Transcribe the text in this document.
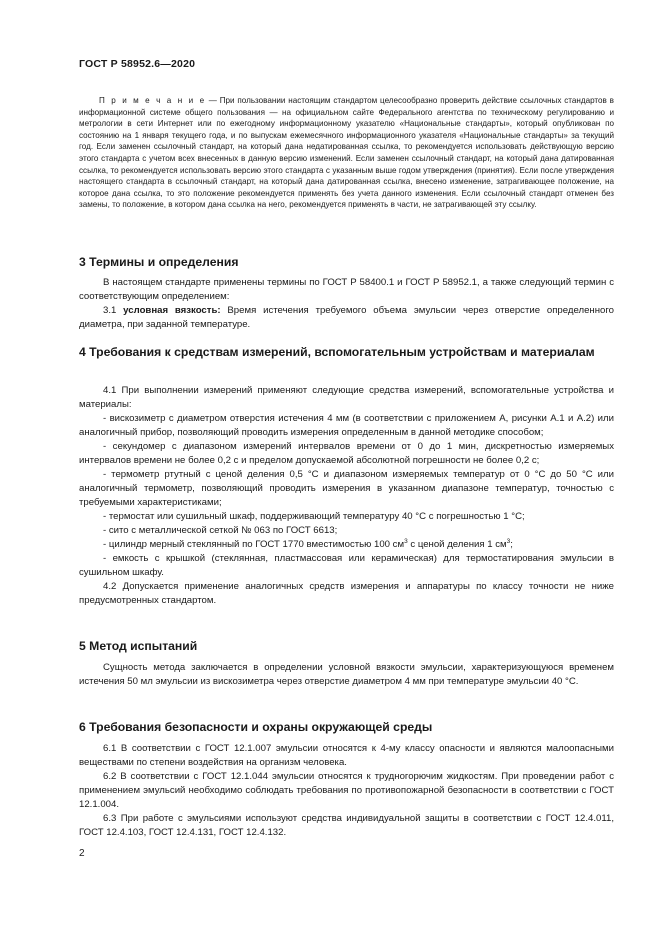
ГОСТ Р 58952.6—2020
П р и м е ч а н и е — При пользовании настоящим стандартом целесообразно проверить действие ссылочных стандартов в информационной системе общего пользования — на официальном сайте Федерального агентства по техническому регулированию и метрологии в сети Интернет или по ежегодному информационному указателю «Национальные стандарты», который опубликован по состоянию на 1 января текущего года, и по выпускам ежемесячного информационного указателя «Национальные стандарты» за текущий год. Если заменен ссылочный стандарт, на который дана недатированная ссылка, то рекомендуется использовать действующую версию этого стандарта с учетом всех внесенных в данную версию изменений. Если заменен ссылочный стандарт, на который дана датированная ссылка, то рекомендуется использовать версию этого стандарта с указанным выше годом утверждения (принятия). Если после утверждения настоящего стандарта в ссылочный стандарт, на который дана датированная ссылка, внесено изменение, затрагивающее положение, на которое дана ссылка, то это положение рекомендуется применять без учета данного изменения. Если ссылочный стандарт отменен без замены, то положение, в котором дана ссылка на него, рекомендуется применять в части, не затрагивающей эту ссылку.
3 Термины и определения

В настоящем стандарте применены термины по ГОСТ Р 58400.1 и ГОСТ Р 58952.1, а также следующий термин с соответствующим определением:

3.1 условная вязкость: Время истечения требуемого объема эмульсии через отверстие определенного диаметра, при заданной температуре.

4 Требования к средствам измерений, вспомогательным устройствам и материалам

4.1 При выполнении измерений применяют следующие средства измерений, вспомогательные устройства и материалы:

- вискозиметр с диаметром отверстия истечения 4 мм (в соответствии с приложением А, рисунки А.1 и А.2) или аналогичный прибор, позволяющий проводить измерения определенным в данной методике способом;

- секундомер с диапазоном измерений интервалов времени от 0 до 1 мин, дискретностью измеряемых интервалов времени не более 0,2 с и пределом допускаемой абсолютной погрешности не более 0,2 с;

- термометр ртутный с ценой деления 0,5 °С и диапазоном измеряемых температур от 0 °С до 50 °С или аналогичный термометр, позволяющий проводить измерения в указанном диапазоне температур, точностью с требуемыми характеристиками;

- термостат или сушильный шкаф, поддерживающий температуру 40 °С с погрешностью 1 °С;

- сито с металлической сеткой № 063 по ГОСТ 6613;

- цилиндр мерный стеклянный по ГОСТ 1770 вместимостью 100 $см^3$ с ценой деления 1 $см^3$;

- емкость с крышкой (стеклянная, пластмассовая или керамическая) для термостатирования эмульсии в сушильном шкафу.

4.2 Допускается применение аналогичных средств измерения и аппаратуры по классу точности не ниже предусмотренных стандартом.

5 Метод испытаний

Сущность метода заключается в определении условной вязкости эмульсии, характеризующуюся временем истечения 50 мл эмульсии из вискозиметра через отверстие диаметром 4 мм при температуре эмульсии 40 °С.

6 Требования безопасности и охраны окружающей среды

6.1 В соответствии с ГОСТ 12.1.007 эмульсии относятся к 4-му классу опасности и являются малоопасными веществами по степени воздействия на организм человека.

6.2 В соответствии с ГОСТ 12.1.044 эмульсии относятся к трудногорючим жидкостям. При проведении работ с применением эмульсий необходимо соблюдать требования по противопожарной безопасности в соответствии с ГОСТ 12.1.004.

6.3 При работе с эмульсиями используют средства индивидуальной защиты в соответствии с ГОСТ 12.4.011, ГОСТ 12.4.103, ГОСТ 12.4.131, ГОСТ 12.4.132.

2
